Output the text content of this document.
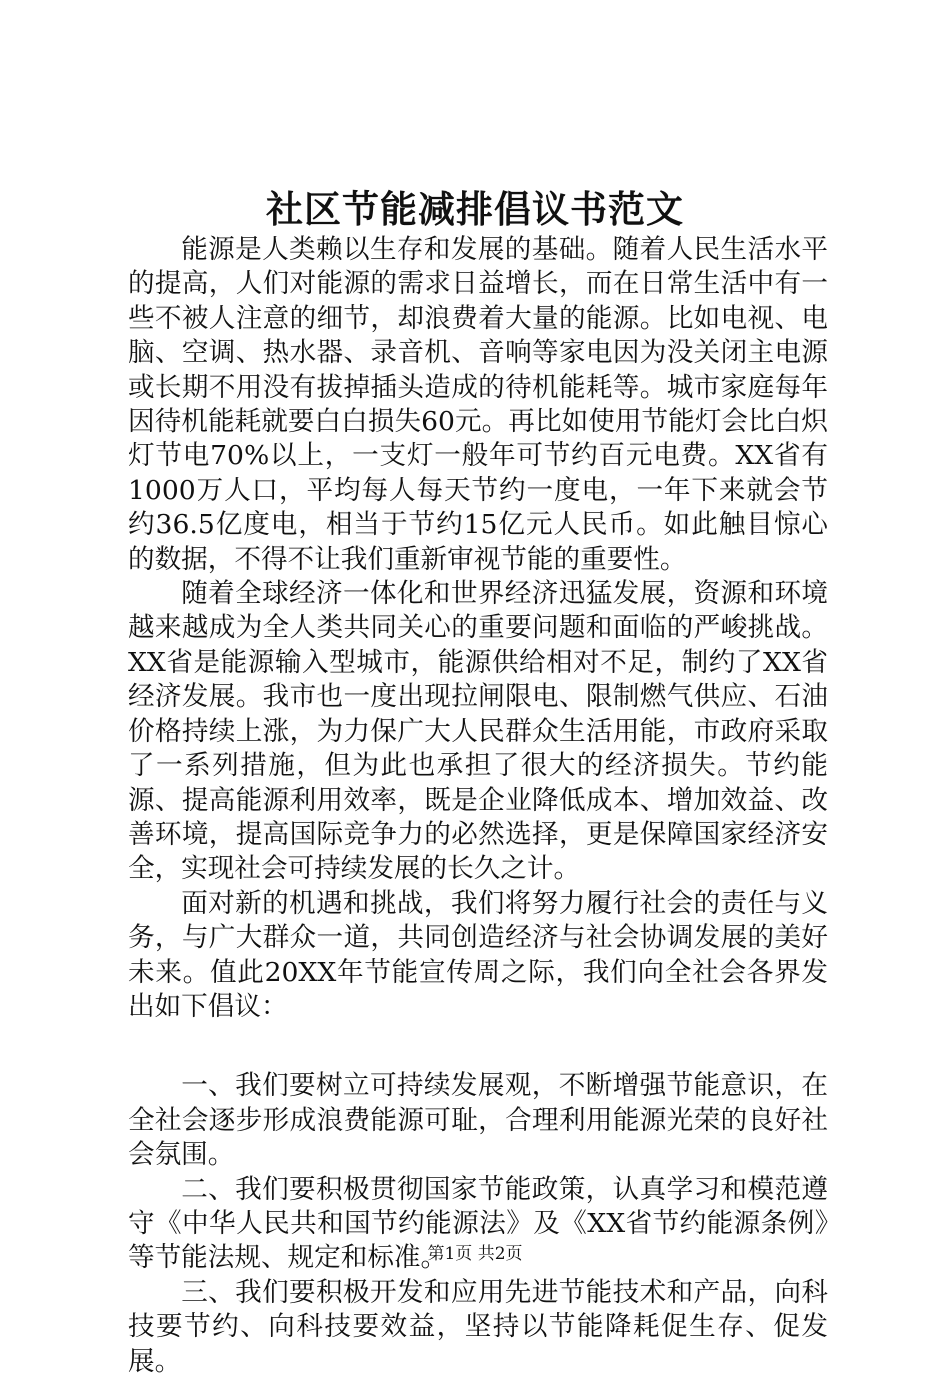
社区节能减排倡议书范文

能源是人类赖以生存和发展的基础。随着人民生活水平的提高，人们对能源的需求日益增长，而在日常生活中有一些不被人注意的细节，却浪费着大量的能源。比如电视、电脑、空调、热水器、录音机、音响等家电因为没关闭主电源或长期不用没有拔掉插头造成的待机能耗等。城市家庭每年因待机能耗就要白白损失60元。再比如使用节能灯会比白炽灯节电70%以上，一支灯一般年可节约百元电费。XX省有1000万人口，平均每人每天节约一度电，一年下来就会节约36.5亿度电，相当于节约15亿元人民币。如此触目惊心的数据，不得不让我们重新审视节能的重要性。

随着全球经济一体化和世界经济迅猛发展，资源和环境越来越成为全人类共同关心的重要问题和面临的严峻挑战。XX省是能源输入型城市，能源供给相对不足，制约了XX省经济发展。我市也一度出现拉闸限电、限制燃气供应、石油价格持续上涨，为力保广大人民群众生活用能，市政府采取了一系列措施，但为此也承担了很大的经济损失。节约能源、提高能源利用效率，既是企业降低成本、增加效益、改善环境，提高国际竞争力的必然选择，更是保障国家经济安全，实现社会可持续发展的长久之计。

面对新的机遇和挑战，我们将努力履行社会的责任与义务，与广大群众一道，共同创造经济与社会协调发展的美好未来。值此20XX年节能宣传周之际，我们向全社会各界发出如下倡议：

一、我们要树立可持续发展观，不断增强节能意识，在全社会逐步形成浪费能源可耻，合理利用能源光荣的良好社会氛围。

二、我们要积极贯彻国家节能政策，认真学习和模范遵守《中华人民共和国节约能源法》及《XX省节约能源条例》等节能法规、规定和标准。

三、我们要积极开发和应用先进节能技术和产品，向科技要节约、向科技要效益，坚持以节能降耗促生存、促发展。

第1页 共2页
